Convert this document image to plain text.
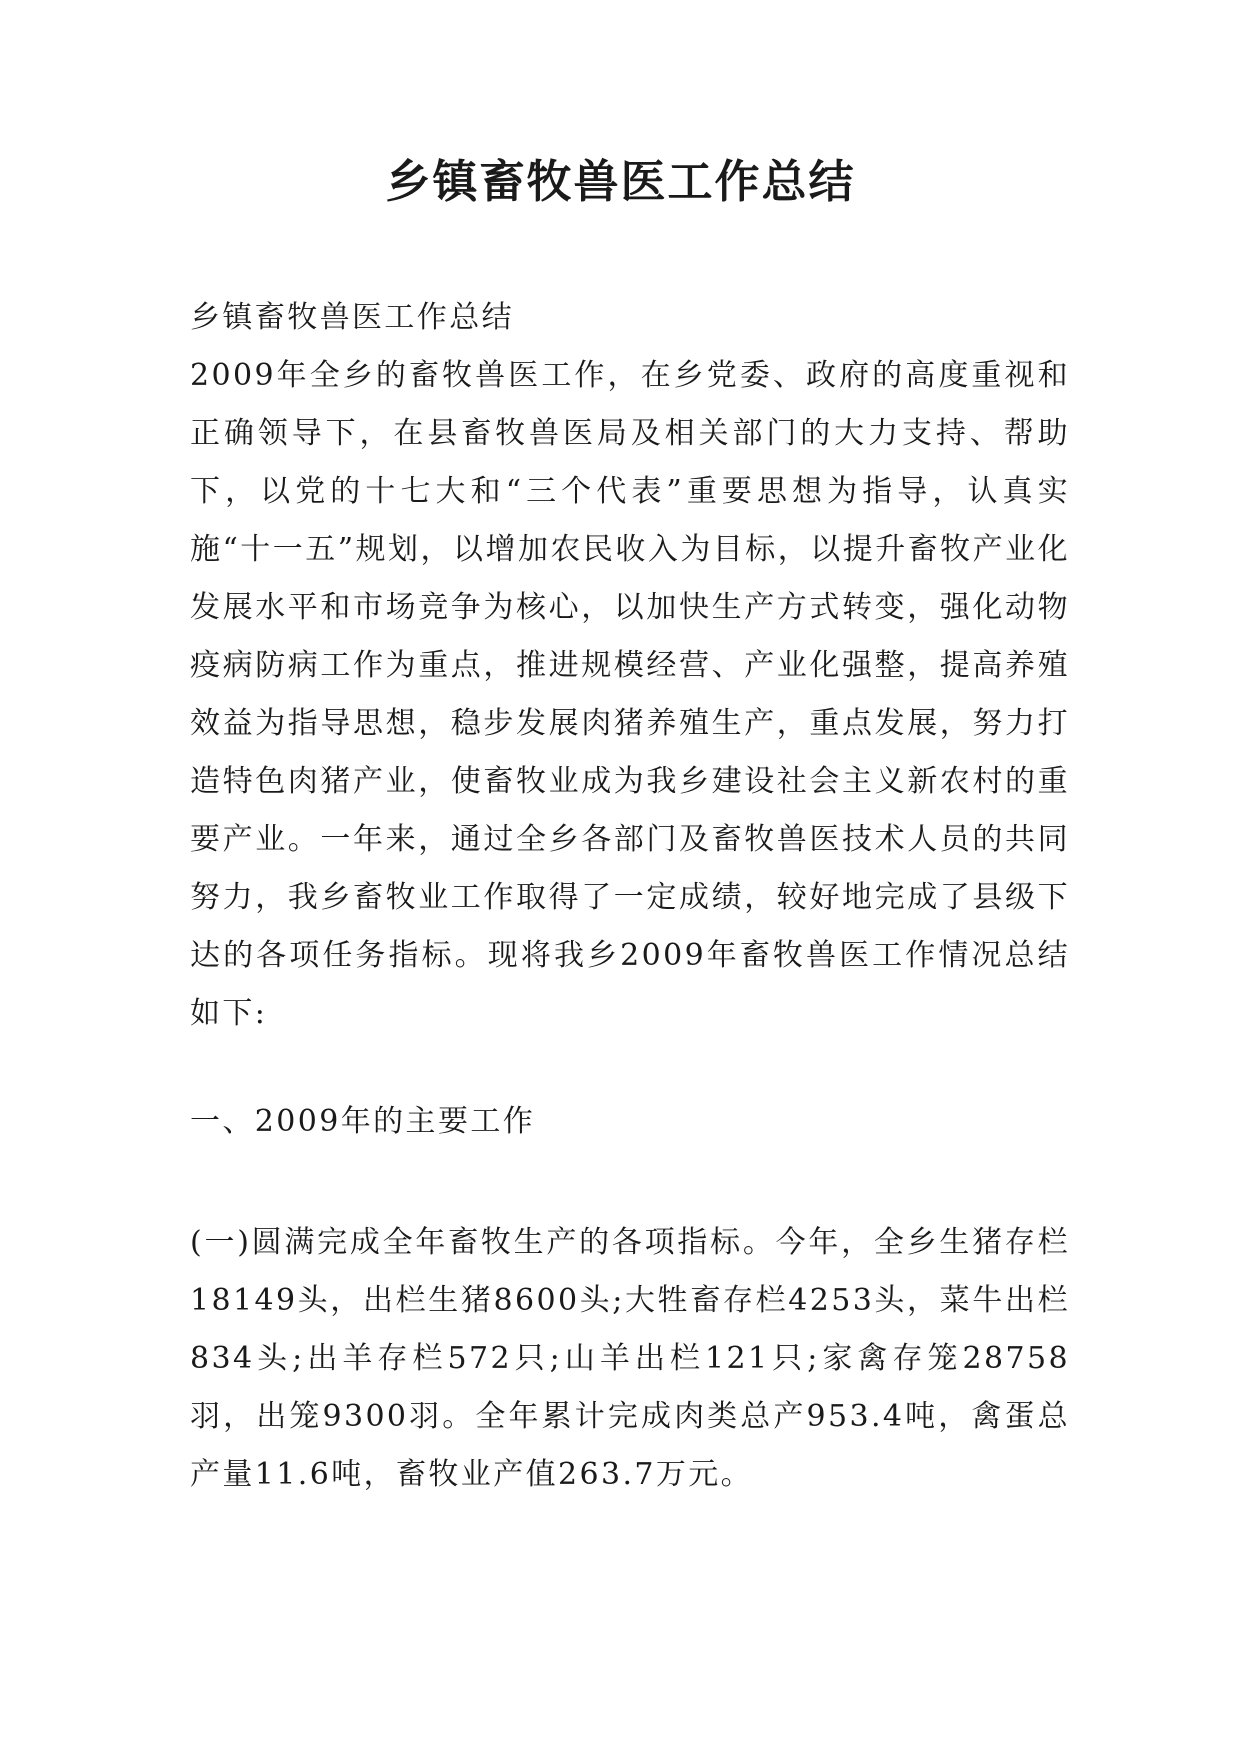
乡镇畜牧兽医工作总结

乡镇畜牧兽医工作总结

2009年全乡的畜牧兽医工作，在乡党委、政府的高度重视和正确领导下，在县畜牧兽医局及相关部门的大力支持、帮助下，以党的十七大和“三个代表”重要思想为指导，认真实施“十一五”规划，以增加农民收入为目标，以提升畜牧产业化发展水平和市场竞争为核心，以加快生产方式转变，强化动物疫病防病工作为重点，推进规模经营、产业化强整，提高养殖效益为指导思想，稳步发展肉猪养殖生产，重点发展，努力打造特色肉猪产业，使畜牧业成为我乡建设社会主义新农村的重要产业。一年来，通过全乡各部门及畜牧兽医技术人员的共同努力，我乡畜牧业工作取得了一定成绩，较好地完成了县级下达的各项任务指标。现将我乡2009年畜牧兽医工作情况总结如下:

一、2009年的主要工作

(一)圆满完成全年畜牧生产的各项指标。今年，全乡生猪存栏18149头，出栏生猪8600头;大牲畜存栏4253头，菜牛出栏834头;出羊存栏572只;山羊出栏121只;家禽存笼28758羽，出笼9300羽。全年累计完成肉类总产953.4吨，禽蛋总产量11.6吨，畜牧业产值263.7万元。
